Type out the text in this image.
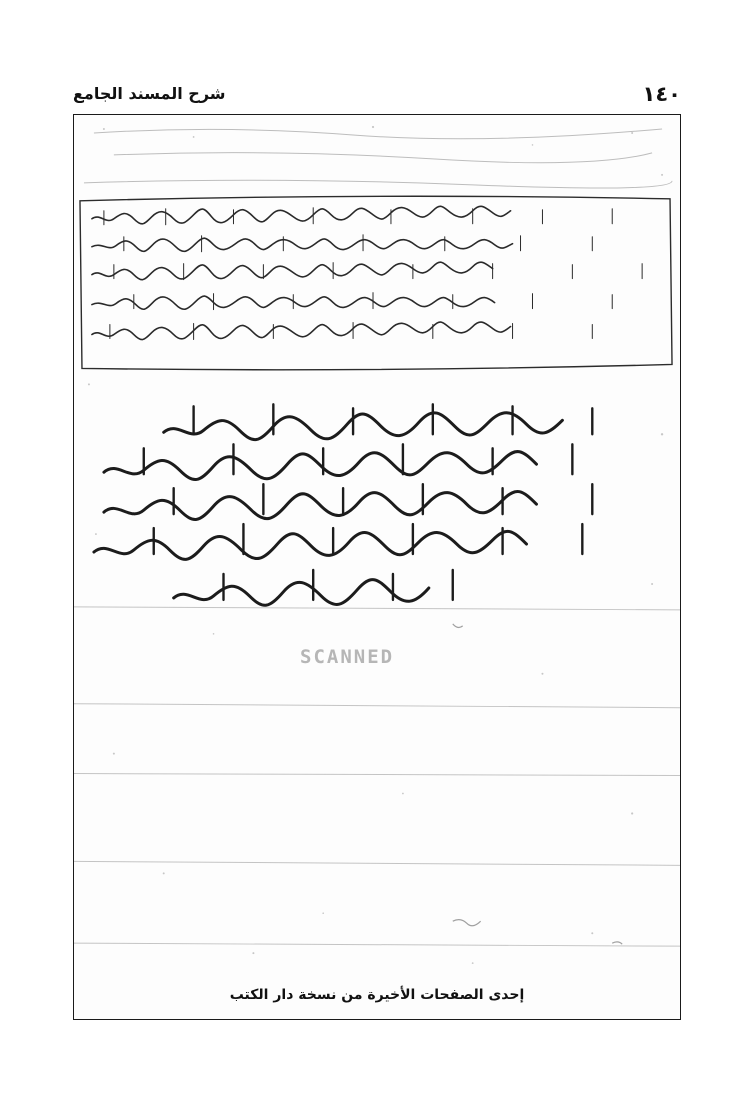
١٤٠
شرح المسند الجامع
SCANNED
إحدى الصفحات الأخيرة من نسخة دار الكتب
